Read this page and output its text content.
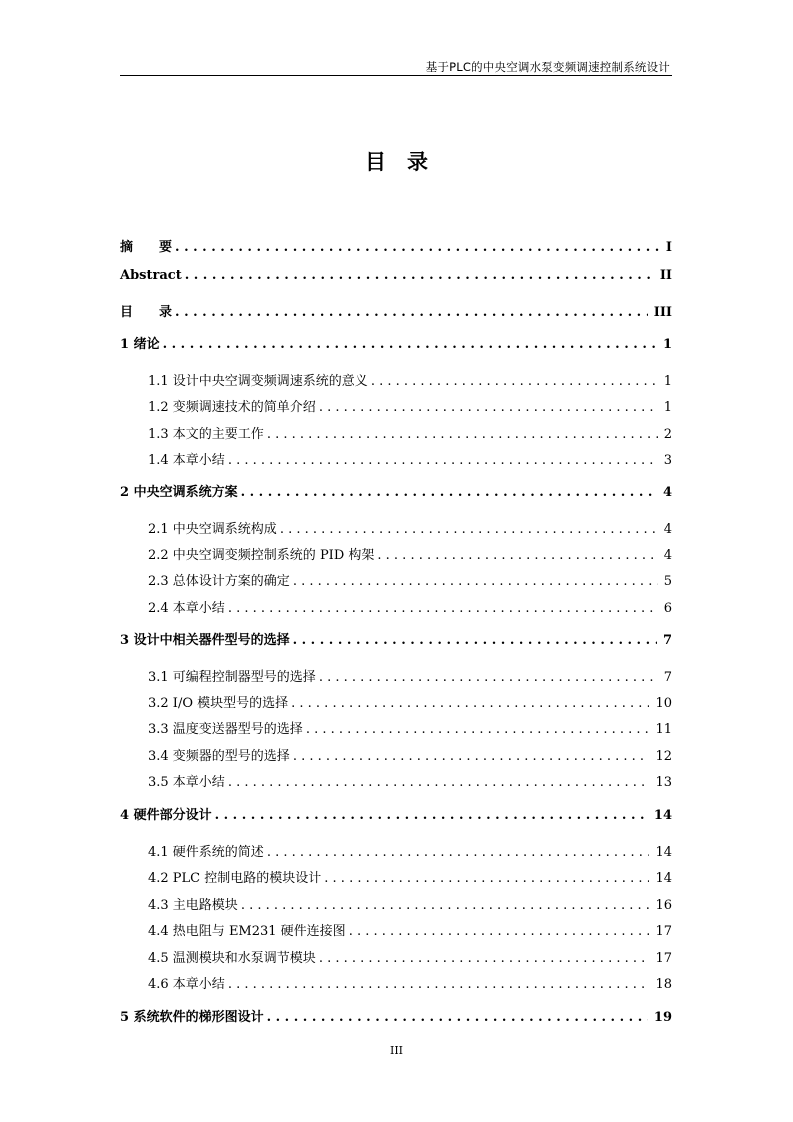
基于PLC的中央空调水泵变频调速控制系统设计
目　录
摘　　要 . . .	I
Abstract . . .	II
目　　录 . . .	III
1 绪论 . . .	1
1.1 设计中央空调变频调速系统的意义 . . .	1
1.2 变频调速技术的简单介绍 . . .	1
1.3 本文的主要工作 . . .	2
1.4 本章小结 . . .	3
2 中央空调系统方案 . . .	4
2.1 中央空调系统构成 . . .	4
2.2 中央空调变频控制系统的 PID 构架 . . .	4
2.3 总体设计方案的确定 . . .	5
2.4 本章小结 . . .	6
3 设计中相关器件型号的选择 . . .	7
3.1 可编程控制器型号的选择 . . .	7
3.2 I/O 模块型号的选择 . . .	10
3.3 温度变送器型号的选择 . . .	11
3.4 变频器的型号的选择 . . .	12
3.5 本章小结 . . .	13
4 硬件部分设计 . . .	14
4.1 硬件系统的简述 . . .	14
4.2 PLC 控制电路的模块设计 . . .	14
4.3 主电路模块 . . .	16
4.4 热电阻与 EM231 硬件连接图 . . .	17
4.5 温测模块和水泵调节模块 . . .	17
4.6 本章小结 . . .	18
5 系统软件的梯形图设计 . . .	19
III
